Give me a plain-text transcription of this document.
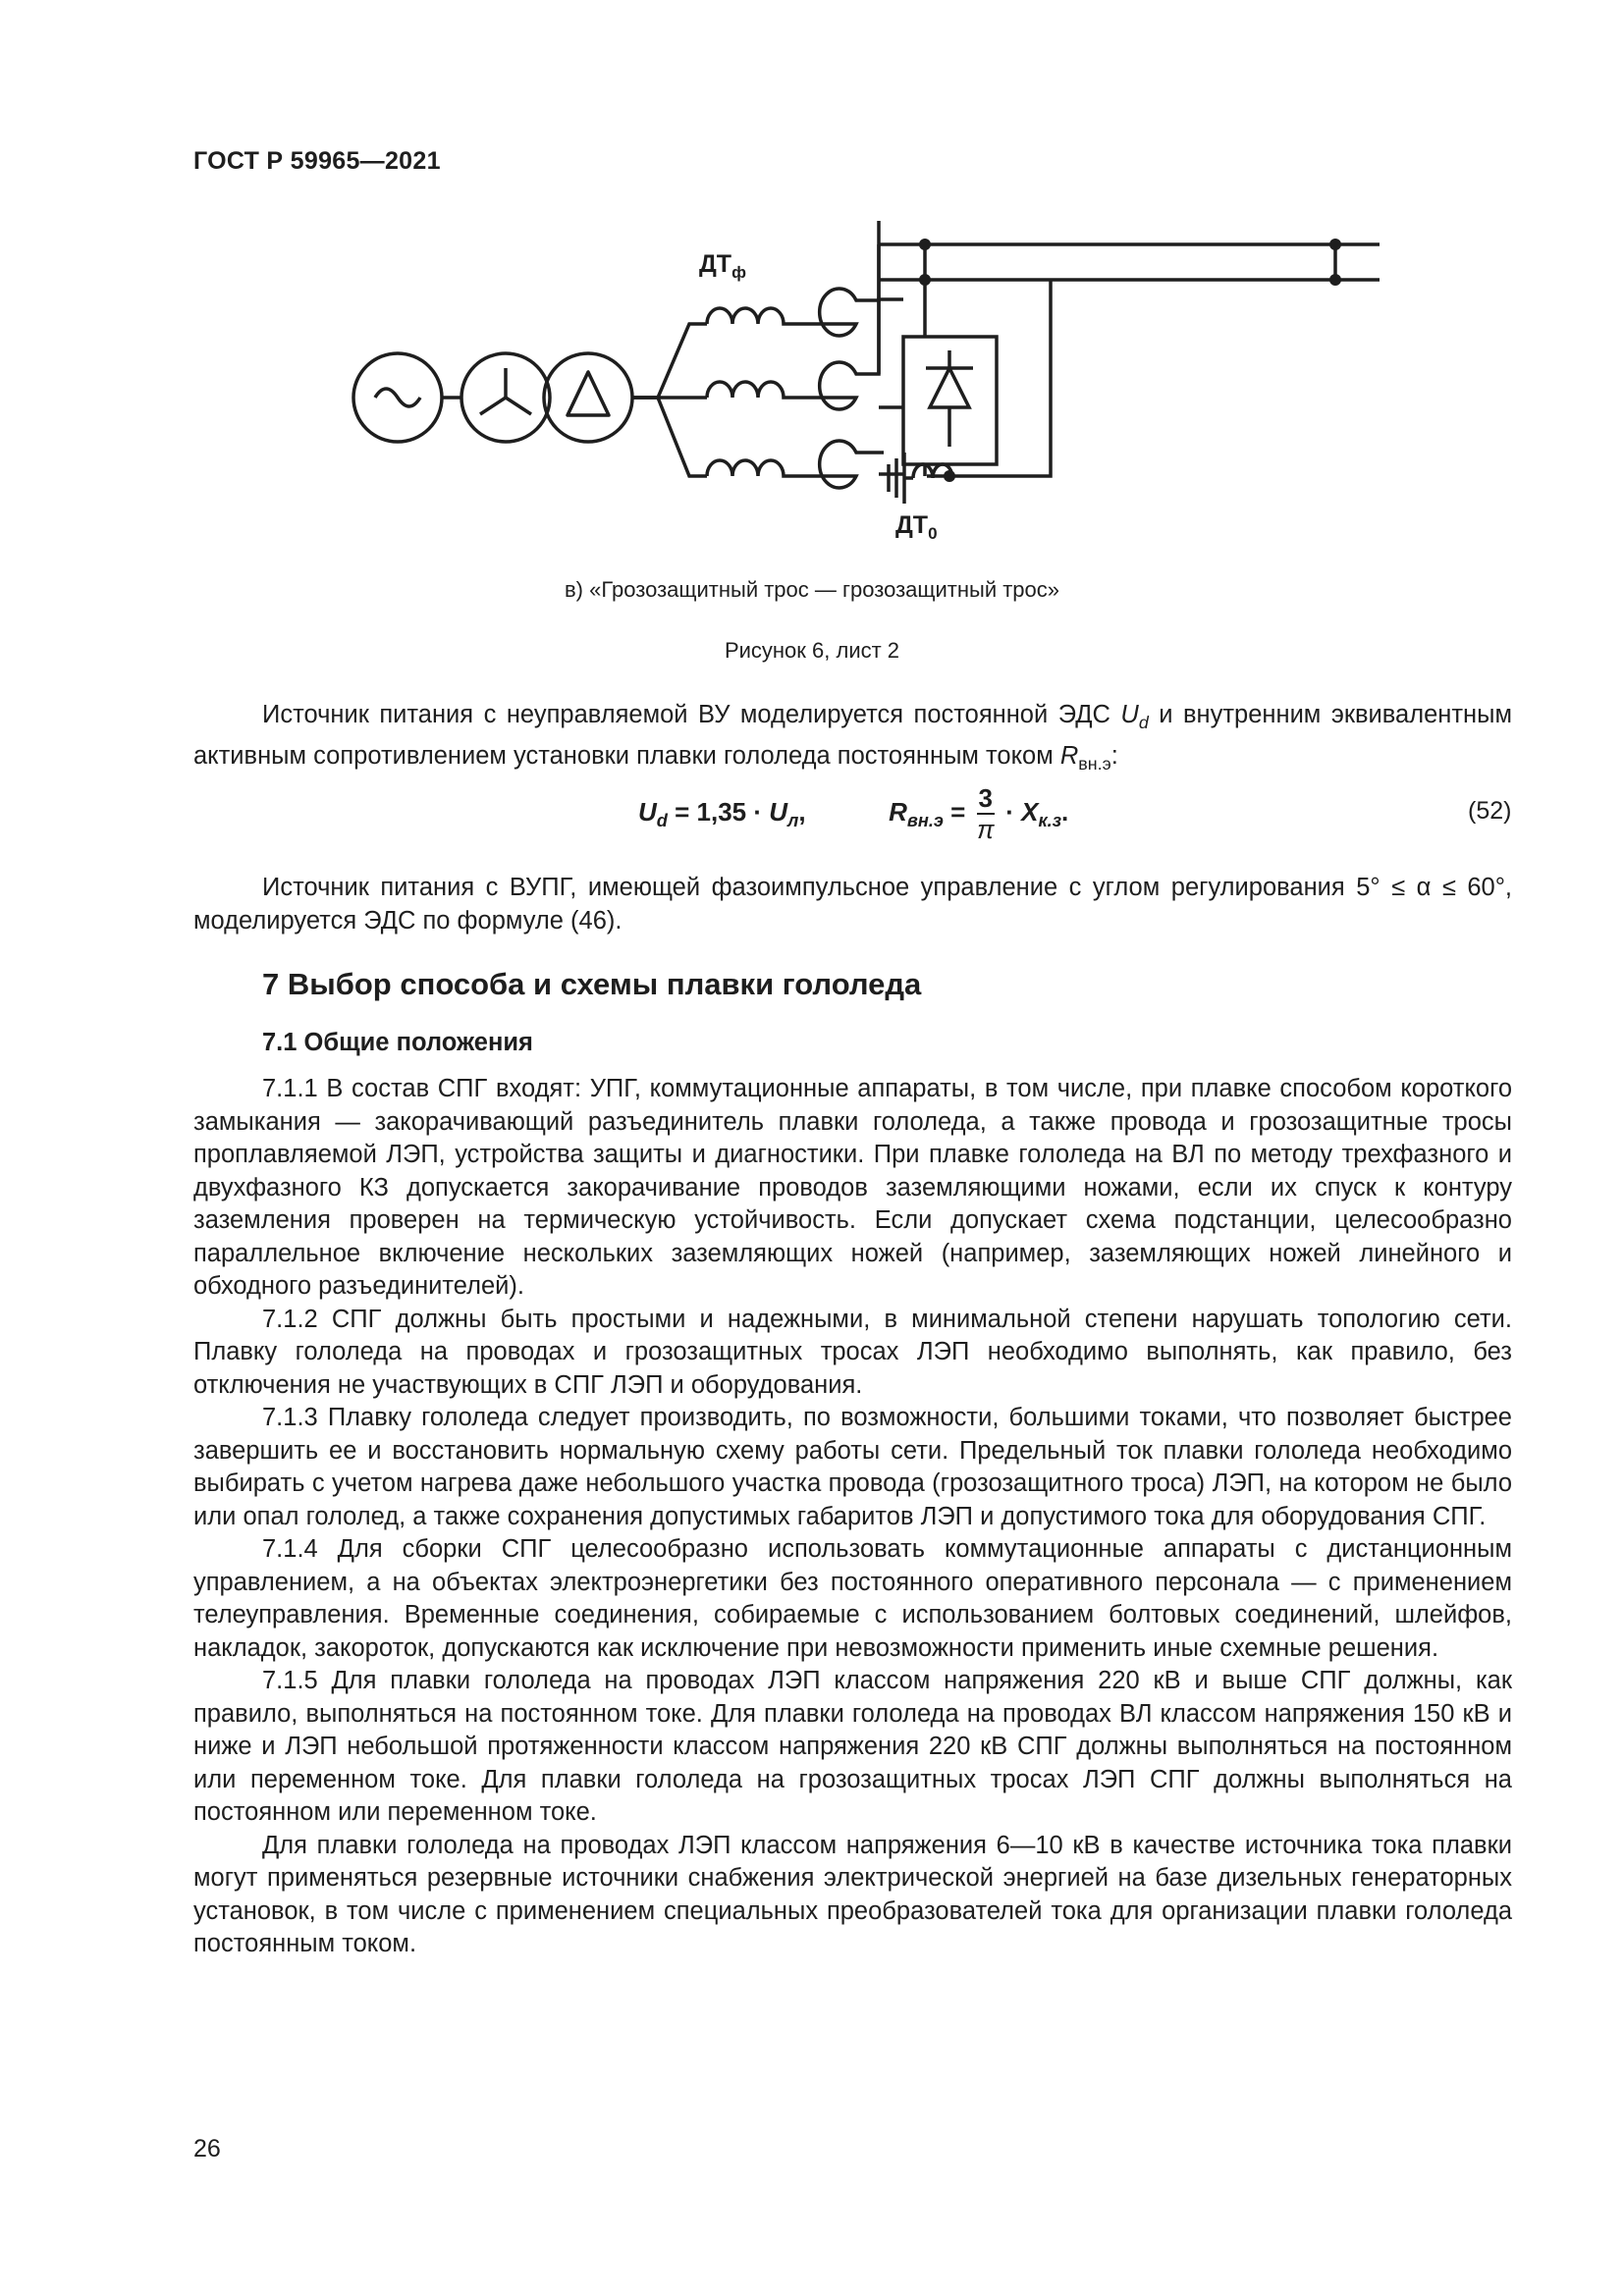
ГОСТ Р 59965—2021
$ДТ_ф$
$ДТ_0$
в) «Грозозащитный трос — грозозащитный трос»
Рисунок 6, лист 2

Источник питания с неуправляемой ВУ моделируется постоянной ЭДС $U_d$ и внутренним эквивалентным активным сопротивлением установки плавки гололеда постоянным током $R_{вн.э}$:

$U_d = 1,35 \cdot U_л$,	$R_{вн.э} = \frac{3}{\pi} \cdot X_{к.з}$.	(52)

Источник питания с ВУПГ, имеющей фазоимпульсное управление с углом регулирования 5° ≤ α ≤ 60°, моделируется ЭДС по формуле (46).

7 Выбор способа и схемы плавки гололеда
7.1 Общие положения

7.1.1 В состав СПГ входят: УПГ, коммутационные аппараты, в том числе, при плавке способом короткого замыкания — закорачивающий разъединитель плавки гололеда, а также провода и грозозащитные тросы проплавляемой ЛЭП, устройства защиты и диагностики. При плавке гололеда на ВЛ по методу трехфазного и двухфазного КЗ допускается закорачивание проводов заземляющими ножами, если их спуск к контуру заземления проверен на термическую устойчивость. Если допускает схема подстанции, целесообразно параллельное включение нескольких заземляющих ножей (например, заземляющих ножей линейного и обходного разъединителей).

7.1.2 СПГ должны быть простыми и надежными, в минимальной степени нарушать топологию сети. Плавку гололеда на проводах и грозозащитных тросах ЛЭП необходимо выполнять, как правило, без отключения не участвующих в СПГ ЛЭП и оборудования.

7.1.3 Плавку гололеда следует производить, по возможности, большими токами, что позволяет быстрее завершить ее и восстановить нормальную схему работы сети. Предельный ток плавки гололеда необходимо выбирать с учетом нагрева даже небольшого участка провода (грозозащитного троса) ЛЭП, на котором не было или опал гололед, а также сохранения допустимых габаритов ЛЭП и допустимого тока для оборудования СПГ.

7.1.4 Для сборки СПГ целесообразно использовать коммутационные аппараты с дистанционным управлением, а на объектах электроэнергетики без постоянного оперативного персонала — с применением телеуправления. Временные соединения, собираемые с использованием болтовых соединений, шлейфов, накладок, закороток, допускаются как исключение при невозможности применить иные схемные решения.

7.1.5 Для плавки гололеда на проводах ЛЭП классом напряжения 220 кВ и выше СПГ должны, как правило, выполняться на постоянном токе. Для плавки гололеда на проводах ВЛ классом напряжения 150 кВ и ниже и ЛЭП небольшой протяженности классом напряжения 220 кВ СПГ должны выполняться на постоянном или переменном токе. Для плавки гололеда на грозозащитных тросах ЛЭП СПГ должны выполняться на постоянном или переменном токе.

Для плавки гололеда на проводах ЛЭП классом напряжения 6—10 кВ в качестве источника тока плавки могут применяться резервные источники снабжения электрической энергией на базе дизельных генераторных установок, в том числе с применением специальных преобразователей тока для организации плавки гололеда постоянным током.

26
